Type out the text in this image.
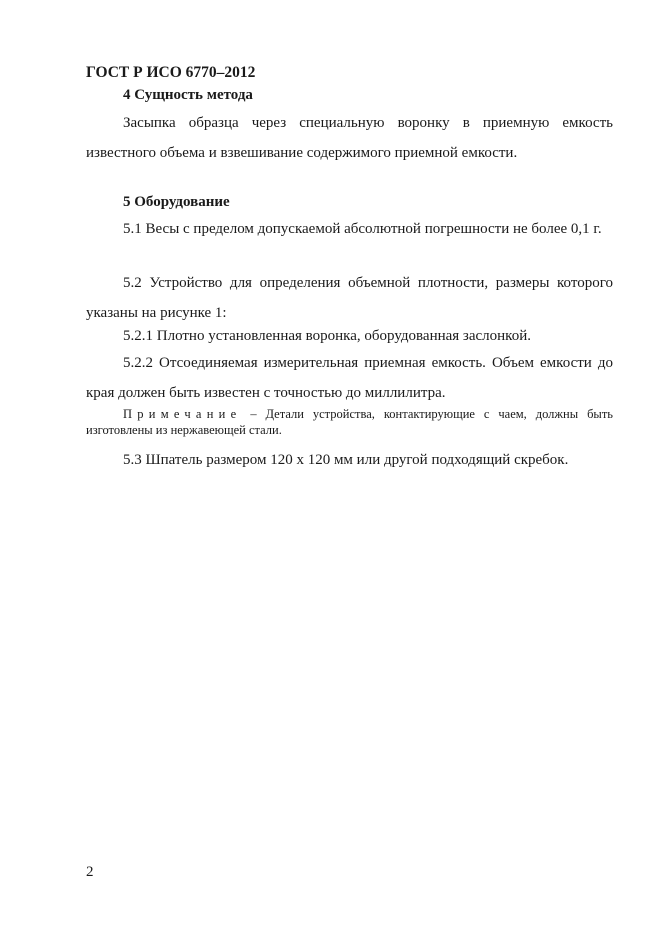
ГОСТ Р ИСО 6770–2012

4 Сущность метода

Засыпка образца через специальную воронку в приемную емкость известного объема и взвешивание содержимого приемной емкости.

5 Оборудование

5.1 Весы с пределом допускаемой абсолютной погрешности не более 0,1 г.

5.2 Устройство для определения объемной плотности, размеры которого указаны на рисунке 1:

5.2.1 Плотно установленная воронка, оборудованная заслонкой.

5.2.2 Отсоединяемая измерительная приемная емкость. Объем емкости до края должен быть известен с точностью до миллилитра.

Примечание – Детали устройства, контактирующие с чаем, должны быть изготовлены из нержавеющей стали.

5.3 Шпатель размером 120 х 120 мм или другой подходящий скребок.

2
